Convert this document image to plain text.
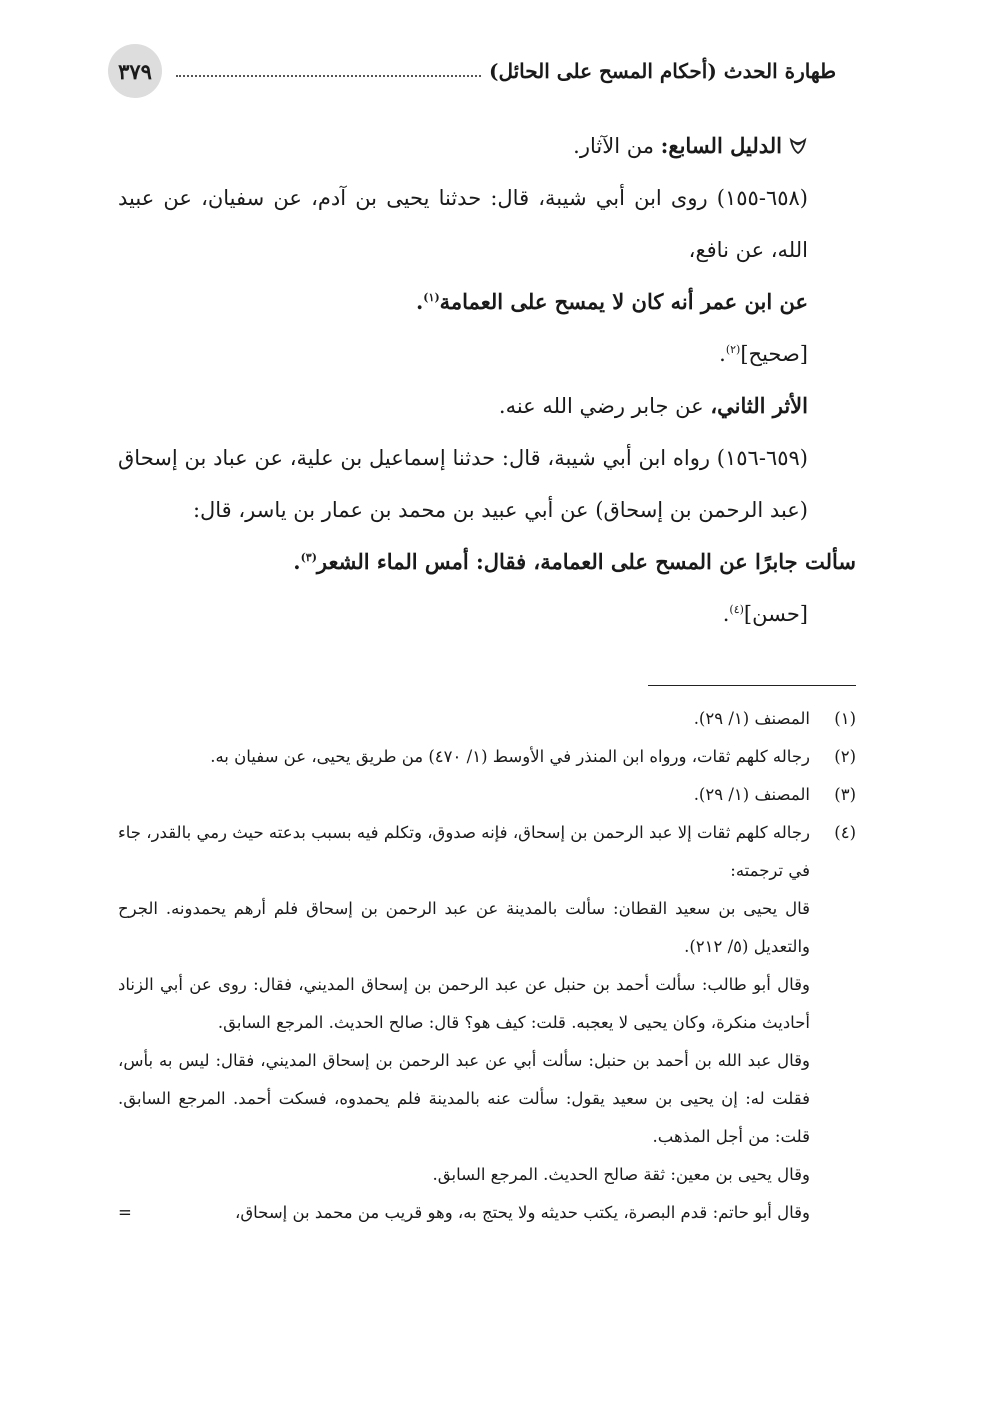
٣٧٩	طهارة الحدث (أحكام المسح على الحائل)

الدليل السابع: من الآثار.

(٦٥٨-١٥٥) روى ابن أبي شيبة، قال: حدثنا يحيى بن آدم، عن سفيان، عن عبيد الله، عن نافع،

عن ابن عمر أنه كان لا يمسح على العمامة$^{(١)}$.

[صحيح]$^{(٢)}$.

الأثر الثاني، عن جابر رضي الله عنه.

(٦٥٩-١٥٦) رواه ابن أبي شيبة، قال: حدثنا إسماعيل بن علية، عن عباد بن إسحاق (عبد الرحمن بن إسحاق) عن أبي عبيد بن محمد بن عمار بن ياسر، قال:

سألت جابرًا عن المسح على العمامة، فقال: أمس الماء الشعر$^{(٣)}$.

[حسن]$^{(٤)}$.

(١)

المصنف (١/ ٢٩).

(٢)

رجاله كلهم ثقات، ورواه ابن المنذر في الأوسط (١/ ٤٧٠) من طريق يحيى، عن سفيان به.

(٣)

المصنف (١/ ٢٩).

(٤)

رجاله كلهم ثقات إلا عبد الرحمن بن إسحاق، فإنه صدوق، وتكلم فيه بسبب بدعته حيث رمي بالقدر، جاء في ترجمته:

قال يحيى بن سعيد القطان: سألت بالمدينة عن عبد الرحمن بن إسحاق فلم أرهم يحمدونه. الجرح والتعديل (٥/ ٢١٢).

وقال أبو طالب: سألت أحمد بن حنبل عن عبد الرحمن بن إسحاق المديني، فقال: روى عن أبي الزناد أحاديث منكرة، وكان يحيى لا يعجبه. قلت: كيف هو؟ قال: صالح الحديث. المرجع السابق.

وقال عبد الله بن أحمد بن حنبل: سألت أبي عن عبد الرحمن بن إسحاق المديني، فقال: ليس به بأس، فقلت له: إن يحيى بن سعيد يقول: سألت عنه بالمدينة فلم يحمدوه، فسكت أحمد. المرجع السابق. قلت: من أجل المذهب.

وقال يحيى بن معين: ثقة صالح الحديث. المرجع السابق.

وقال أبو حاتم: قدم البصرة، يكتب حديثه ولا يحتج به، وهو قريب من محمد بن إسحاق،

=
